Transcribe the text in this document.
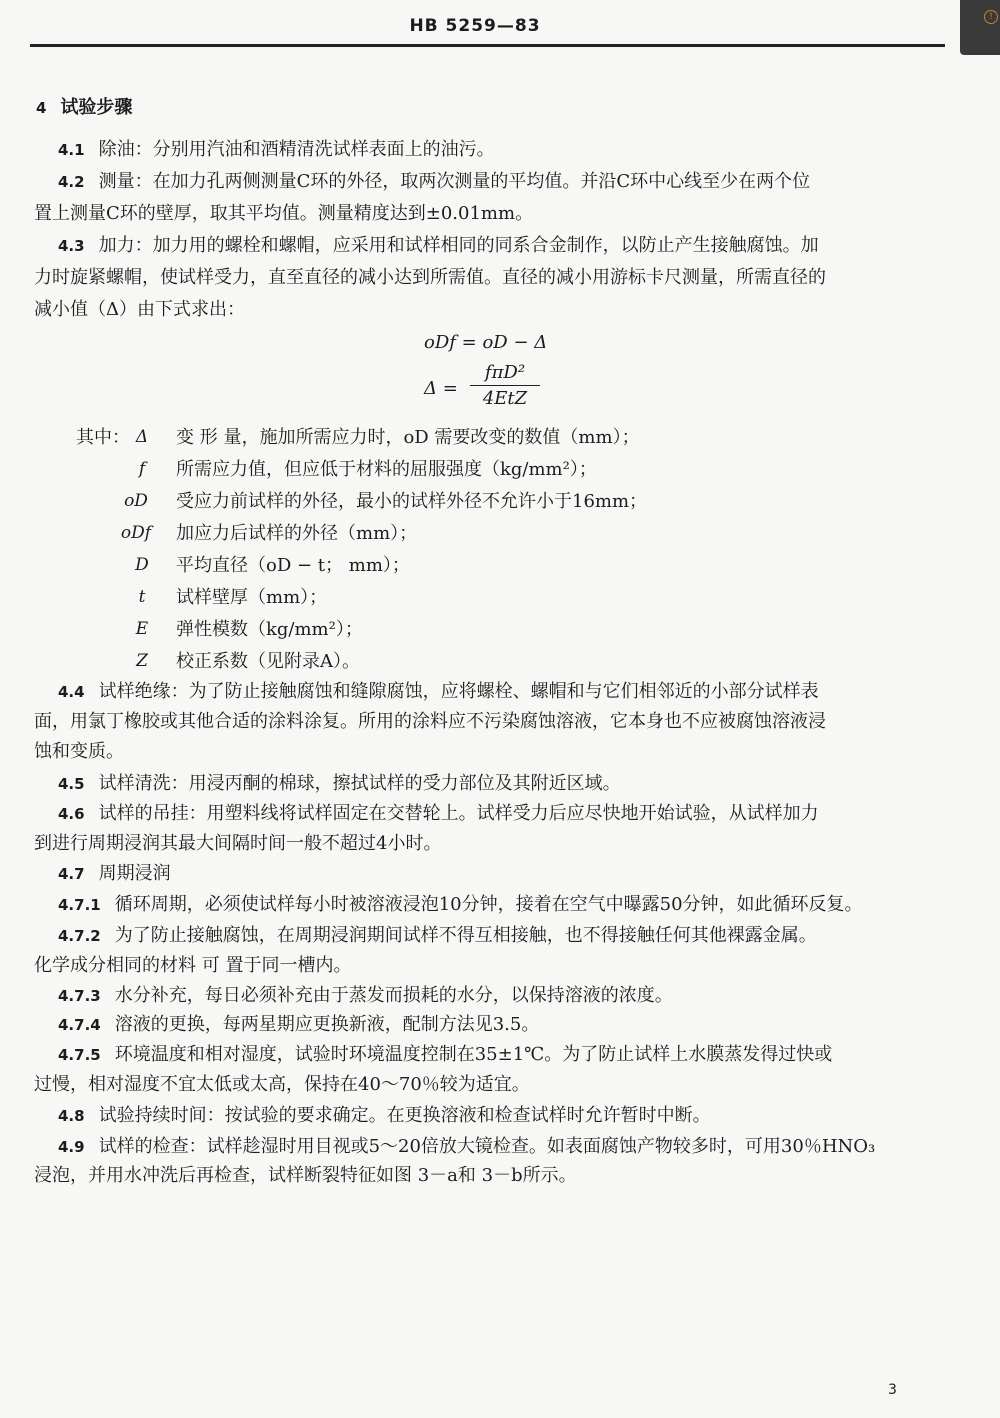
HB 5259—83	!
4 试验步骤
4.1 除油：分别用汽油和酒精清洗试样表面上的油污。
4.2 测量：在加力孔两侧测量C环的外径，取两次测量的平均值。并沿C环中心线至少在两个位
置上测量C环的壁厚，取其平均值。测量精度达到±0.01mm。
4.3 加力：加力用的螺栓和螺帽，应采用和试样相同的同系合金制作，以防止产生接触腐蚀。加
力时旋紧螺帽，使试样受力，直至直径的减小达到所需值。直径的减小用游标卡尺测量，所需直径的
减小值（Δ）由下式求出：
oDf = oD − Δ
Δ =
fπD²
4EtZ
其中： Δ	变 形 量，施加所需应力时，oD 需要改变的数值（mm）；
f	所需应力值，但应低于材料的屈服强度（kg/mm²）；
oD	受应力前试样的外径，最小的试样外径不允许小于16mm；
oDf 加应力后试样的外径（mm）；
D	平均直径（oD − t； mm）；
t	试样壁厚（mm）；
E	弹性模数（kg/mm²）；
Z	校正系数（见附录A）。
4.4 试样绝缘：为了防止接触腐蚀和缝隙腐蚀，应将螺栓、螺帽和与它们相邻近的小部分试样表
面，用氯丁橡胶或其他合适的涂料涂复。所用的涂料应不污染腐蚀溶液，它本身也不应被腐蚀溶液浸
蚀和变质。
4.5 试样清洗：用浸丙酮的棉球，擦拭试样的受力部位及其附近区域。
4.6 试样的吊挂：用塑料线将试样固定在交替轮上。试样受力后应尽快地开始试验，从试样加力
到进行周期浸润其最大间隔时间一般不超过4小时。
4.7 周期浸润
4.7.1 循环周期，必须使试样每小时被溶液浸泡10分钟，接着在空气中曝露50分钟，如此循环反复。
4.7.2 为了防止接触腐蚀，在周期浸润期间试样不得互相接触，也不得接触任何其他裸露金属。
化学成分相同的材料 可 置于同一槽内。
4.7.3 水分补充，每日必须补充由于蒸发而损耗的水分，以保持溶液的浓度。
4.7.4 溶液的更换，每两星期应更换新液，配制方法见3.5。
4.7.5 环境温度和相对湿度，试验时环境温度控制在35±1℃。为了防止试样上水膜蒸发得过快或
过慢，相对湿度不宜太低或太高，保持在40～70％较为适宜。
4.8 试验持续时间：按试验的要求确定。在更换溶液和检查试样时允许暂时中断。
4.9 试样的检查：试样趁湿时用目视或5～20倍放大镜检查。如表面腐蚀产物较多时，可用30％HNO₃
浸泡，并用水冲洗后再检查，试样断裂特征如图 3－a和 3－b所示。
3
